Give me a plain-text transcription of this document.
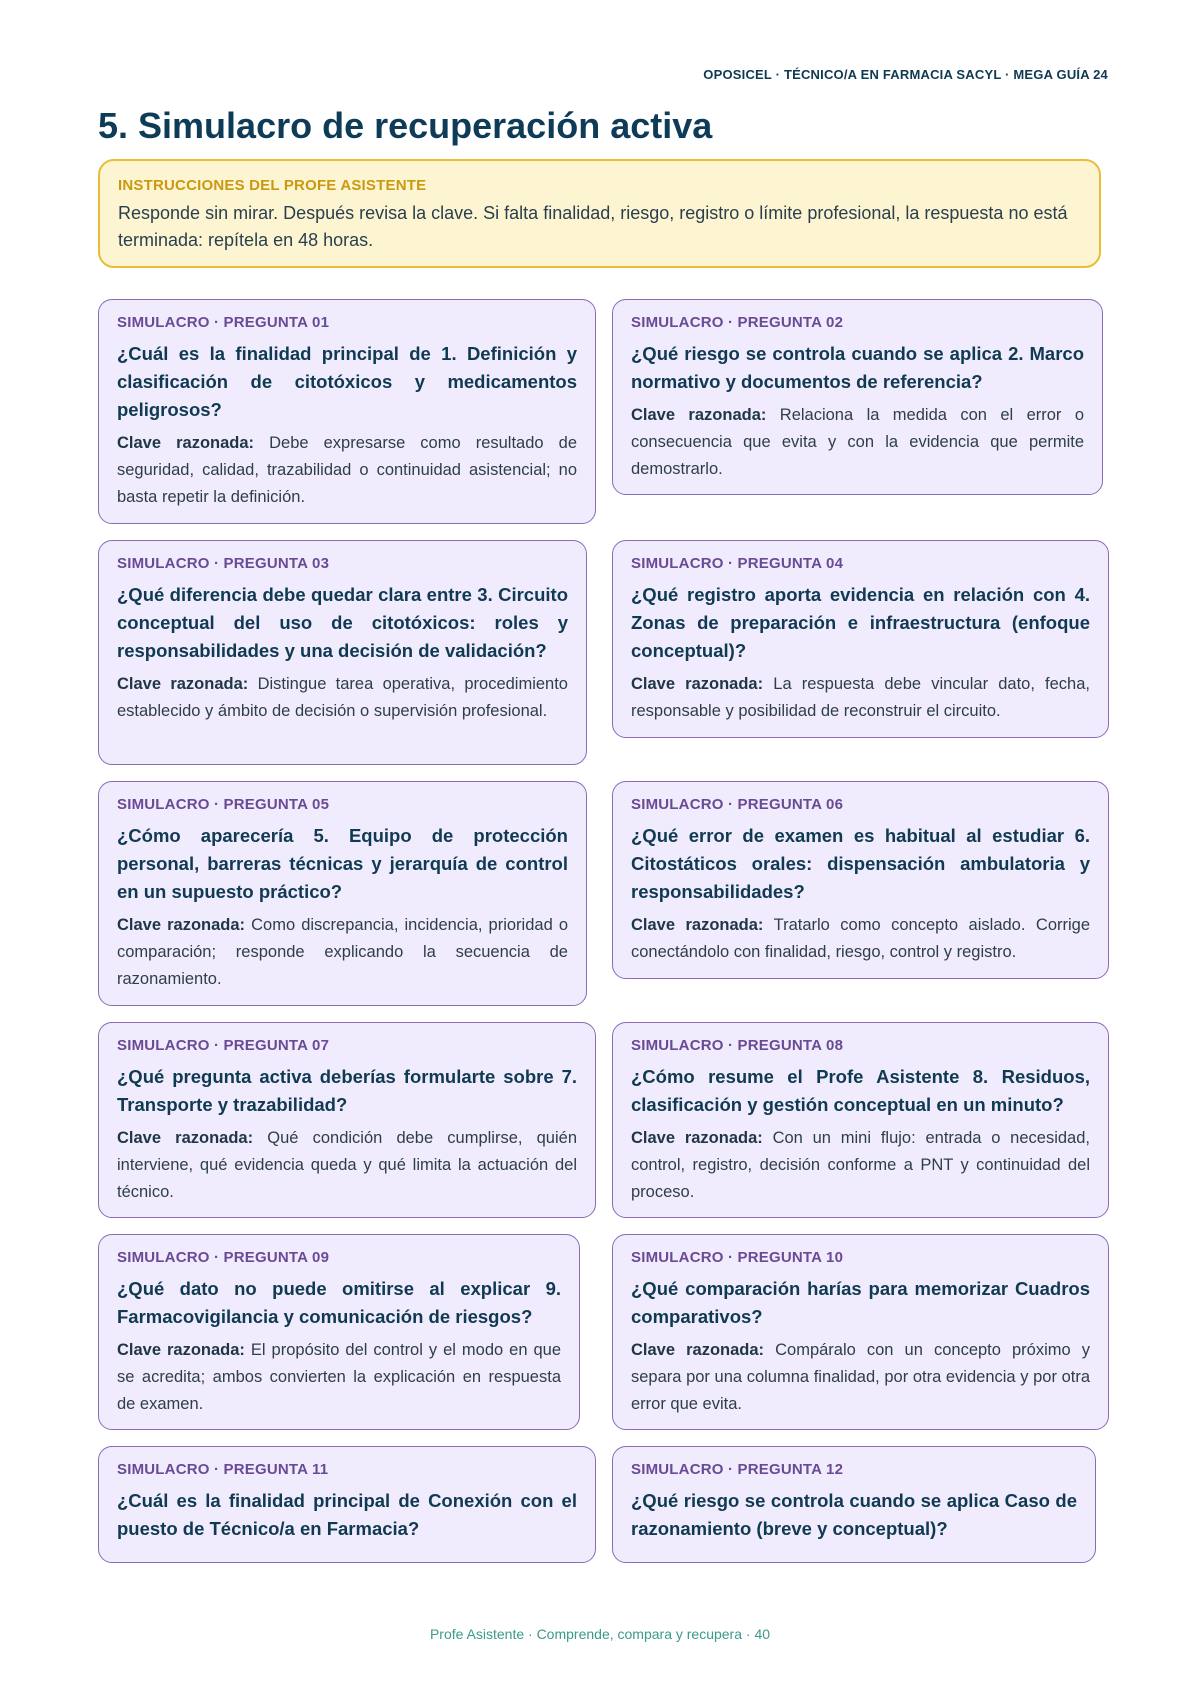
OPOSICEL · TÉCNICO/A EN FARMACIA SACYL · MEGA GUÍA 24
5. Simulacro de recuperación activa
INSTRUCCIONES DEL PROFE ASISTENTE
Responde sin mirar. Después revisa la clave. Si falta finalidad, riesgo, registro o límite profesional, la respuesta no está terminada: repítela en 48 horas.
SIMULACRO · PREGUNTA 01
¿Cuál es la finalidad principal de 1. Definición y clasificación de citotóxicos y medicamentos peligrosos?
Clave razonada: Debe expresarse como resultado de seguridad, calidad, trazabilidad o continuidad asistencial; no basta repetir la definición.
SIMULACRO · PREGUNTA 02
¿Qué riesgo se controla cuando se aplica 2. Marco normativo y documentos de referencia?
Clave razonada: Relaciona la medida con el error o consecuencia que evita y con la evidencia que permite demostrarlo.
SIMULACRO · PREGUNTA 03
¿Qué diferencia debe quedar clara entre 3. Circuito conceptual del uso de citotóxicos: roles y responsabilidades y una decisión de validación?
Clave razonada: Distingue tarea operativa, procedimiento establecido y ámbito de decisión o supervisión profesional.
SIMULACRO · PREGUNTA 04
¿Qué registro aporta evidencia en relación con 4. Zonas de preparación e infraestructura (enfoque conceptual)?
Clave razonada: La respuesta debe vincular dato, fecha, responsable y posibilidad de reconstruir el circuito.
SIMULACRO · PREGUNTA 05
¿Cómo aparecería 5. Equipo de protección personal, barreras técnicas y jerarquía de control en un supuesto práctico?
Clave razonada: Como discrepancia, incidencia, prioridad o comparación; responde explicando la secuencia de razonamiento.
SIMULACRO · PREGUNTA 06
¿Qué error de examen es habitual al estudiar 6. Citostáticos orales: dispensación ambulatoria y responsabilidades?
Clave razonada: Tratarlo como concepto aislado. Corrige conectándolo con finalidad, riesgo, control y registro.
SIMULACRO · PREGUNTA 07
¿Qué pregunta activa deberías formularte sobre 7. Transporte y trazabilidad?
Clave razonada: Qué condición debe cumplirse, quién interviene, qué evidencia queda y qué limita la actuación del técnico.
SIMULACRO · PREGUNTA 08
¿Cómo resume el Profe Asistente 8. Residuos, clasificación y gestión conceptual en un minuto?
Clave razonada: Con un mini flujo: entrada o necesidad, control, registro, decisión conforme a PNT y continuidad del proceso.
SIMULACRO · PREGUNTA 09
¿Qué dato no puede omitirse al explicar 9. Farmacovigilancia y comunicación de riesgos?
Clave razonada: El propósito del control y el modo en que se acredita; ambos convierten la explicación en respuesta de examen.
SIMULACRO · PREGUNTA 10
¿Qué comparación harías para memorizar Cuadros comparativos?
Clave razonada: Compáralo con un concepto próximo y separa por una columna finalidad, por otra evidencia y por otra error que evita.
SIMULACRO · PREGUNTA 11
¿Cuál es la finalidad principal de Conexión con el puesto de Técnico/a en Farmacia?
SIMULACRO · PREGUNTA 12
¿Qué riesgo se controla cuando se aplica Caso de razonamiento (breve y conceptual)?
Profe Asistente · Comprende, compara y recupera · 40
